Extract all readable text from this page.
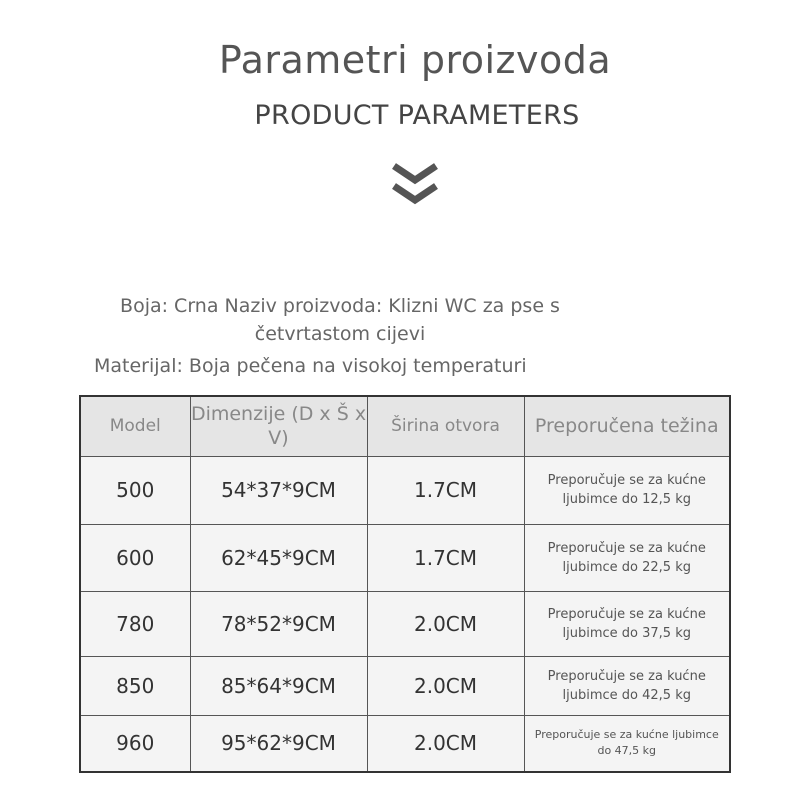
Parametri proizvoda
PRODUCT PARAMETERS
Boja: Crna Naziv proizvoda: Klizni WC za pse s četvrtastom cijevi
Materijal: Boja pečena na visokoj temperaturi
Model	Dimenzije (D x Š x V)	Širina otvora	Preporučena težina
500	54*37*9CM	1.7CM	Preporučuje se za kućne ljubimce do 12,5 kg
600	62*45*9CM	1.7CM	Preporučuje se za kućne ljubimce do 22,5 kg
780	78*52*9CM	2.0CM	Preporučuje se za kućne ljubimce do 37,5 kg
850	85*64*9CM	2.0CM	Preporučuje se za kućne ljubimce do 42,5 kg
960	95*62*9CM	2.0CM	Preporučuje se za kućne ljubimce do 47,5 kg
